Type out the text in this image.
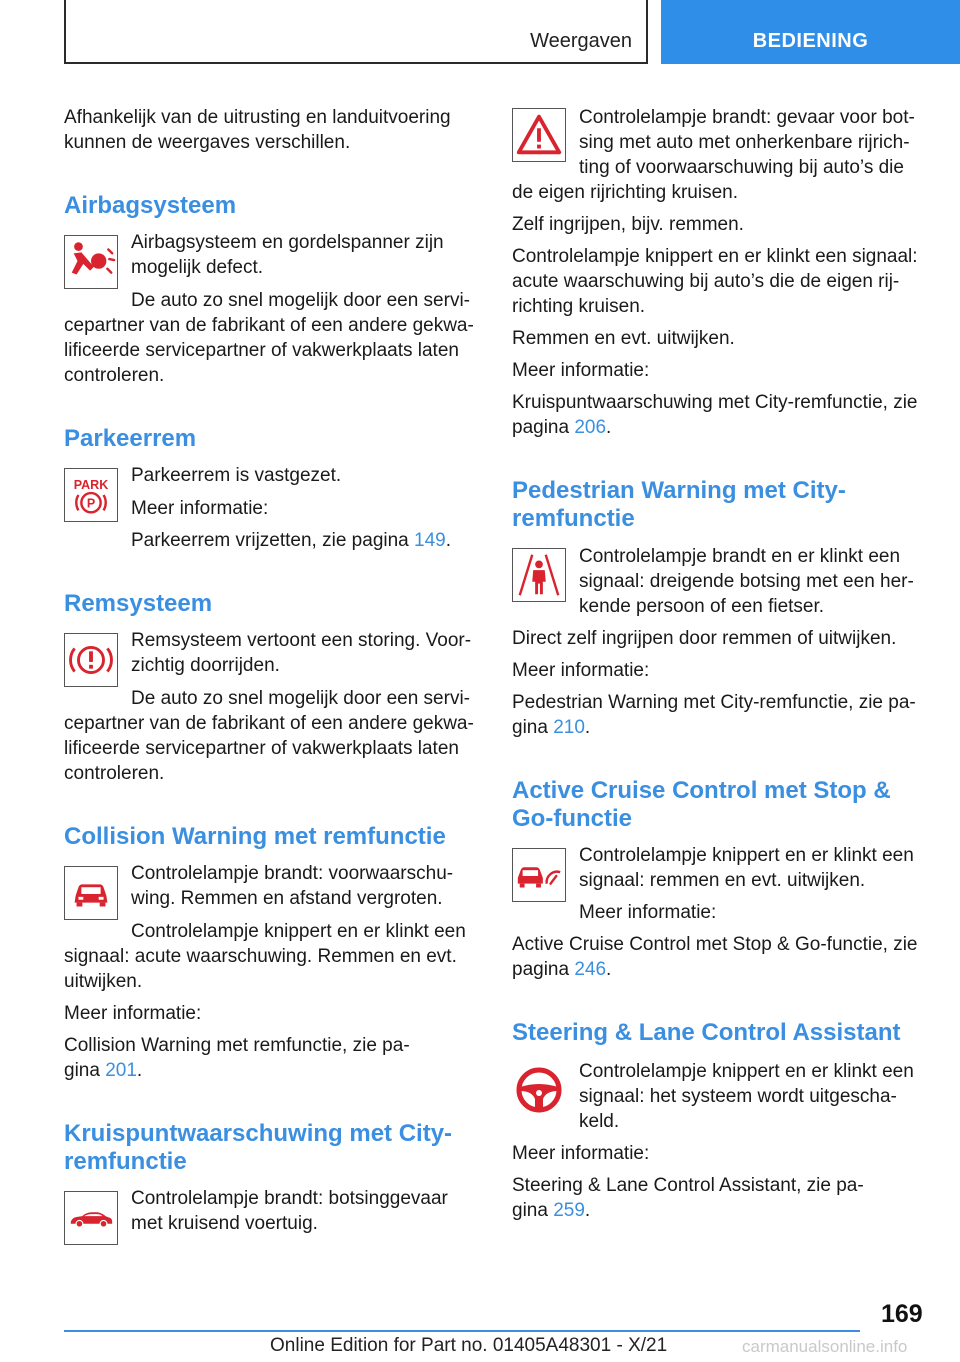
Weergaven	BEDIENING

Afhankelijk van de uitrusting en landuitvoering

kunnen de weergaves verschillen.

Airbagsysteem

Airbagsysteem en gordelspanner zijn

mogelijk defect.

De auto zo snel mogelijk door een servi-

cepartner van de fabrikant of een andere gekwa-

lificeerde servicepartner of vakwerkplaats laten

controleren.

Parkeerrem
PARK
P

Parkeerrem is vastgezet.

Meer informatie:

Parkeerrem vrijzetten, zie pagina 149.

Remsysteem

Remsysteem vertoont een storing. Voor-

zichtig doorrijden.

De auto zo snel mogelijk door een servi-

cepartner van de fabrikant of een andere gekwa-

lificeerde servicepartner of vakwerkplaats laten

controleren.

Collision Warning met remfunctie

Controlelampje brandt: voorwaarschu-

wing. Remmen en afstand vergroten.

Controlelampje knippert en er klinkt een

signaal: acute waarschuwing. Remmen en evt.

uitwijken.

Meer informatie:

Collision Warning met remfunctie, zie pa-

gina 201.

Kruispuntwaarschuwing met City-
remfunctie

Controlelampje brandt: botsinggevaar

met kruisend voertuig.

Controlelampje brandt: gevaar voor bot-

sing met auto met onherkenbare rijrich-

ting of voorwaarschuwing bij auto’s die

de eigen rijrichting kruisen.

Zelf ingrijpen, bijv. remmen.

Controlelampje knippert en er klinkt een signaal:

acute waarschuwing bij auto’s die de eigen rij-

richting kruisen.

Remmen en evt. uitwijken.

Meer informatie:

Kruispuntwaarschuwing met City-remfunctie, zie

pagina 206.

Pedestrian Warning met City-
remfunctie

Controlelampje brandt en er klinkt een

signaal: dreigende botsing met een her-

kende persoon of een fietser.

Direct zelf ingrijpen door remmen of uitwijken.

Meer informatie:

Pedestrian Warning met City-remfunctie, zie pa-

gina 210.

Active Cruise Control met Stop &
Go-functie

Controlelampje knippert en er klinkt een

signaal: remmen en evt. uitwijken.

Meer informatie:

Active Cruise Control met Stop & Go-functie, zie

pagina 246.

Steering & Lane Control Assistant

Controlelampje knippert en er klinkt een

signaal: het systeem wordt uitgescha-

keld.

Meer informatie:

Steering & Lane Control Assistant, zie pa-

gina 259.

169
Online Edition for Part no. 01405A48301 - X/21	carmanualsonline.info
